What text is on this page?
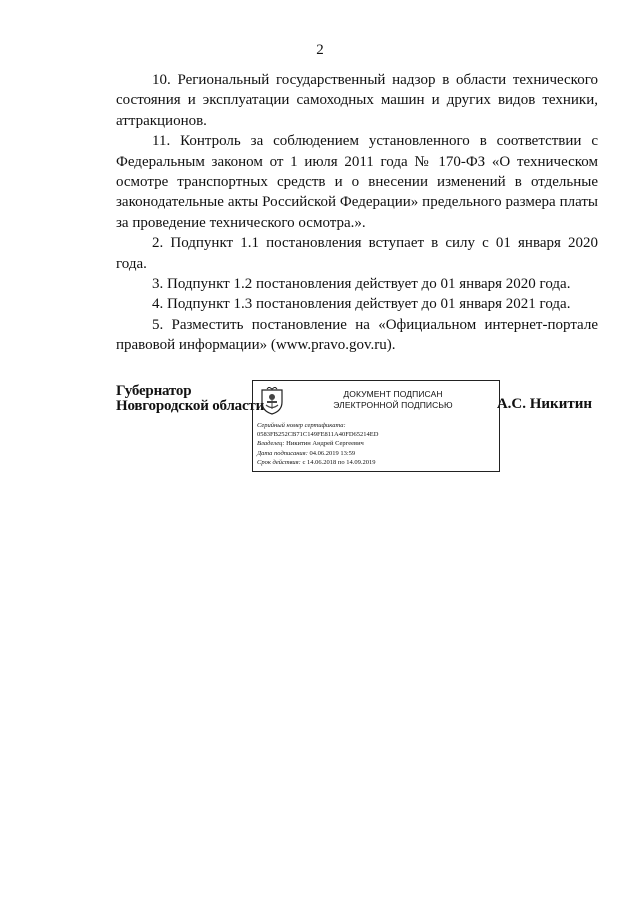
2

10. Региональный государственный надзор в области технического состояния и эксплуатации самоходных машин и других видов техники, аттракционов.

11. Контроль за соблюдением установленного в соответствии с Федеральным законом от 1 июля 2011 года № 170-ФЗ «О техническом осмотре транспортных средств и о внесении изменений в отдельные законодательные акты Российской Федерации» предельного размера платы за проведение технического осмотра.».

2. Подпункт 1.1 постановления вступает в силу с 01 января 2020 года.

3. Подпункт 1.2 постановления действует до 01 января 2020 года.

4. Подпункт 1.3 постановления действует до 01 января 2021 года.

5. Разместить постановление на «Официальном интернет-портале правовой информации» (www.pravo.gov.ru).

Губернатор
Новгородской области
ДОКУМЕНТ ПОДПИСАН
ЭЛЕКТРОННОЙ ПОДПИСЬЮ
Серийный номер сертификата:
0583FB252CB71C149FE811A40FD65214ED
Владелец: Никитин Андрей Сергеевич
Дата подписания: 04.06.2019 13:59
Срок действия: с 14.06.2018 по 14.09.2019
А.С. Никитин
